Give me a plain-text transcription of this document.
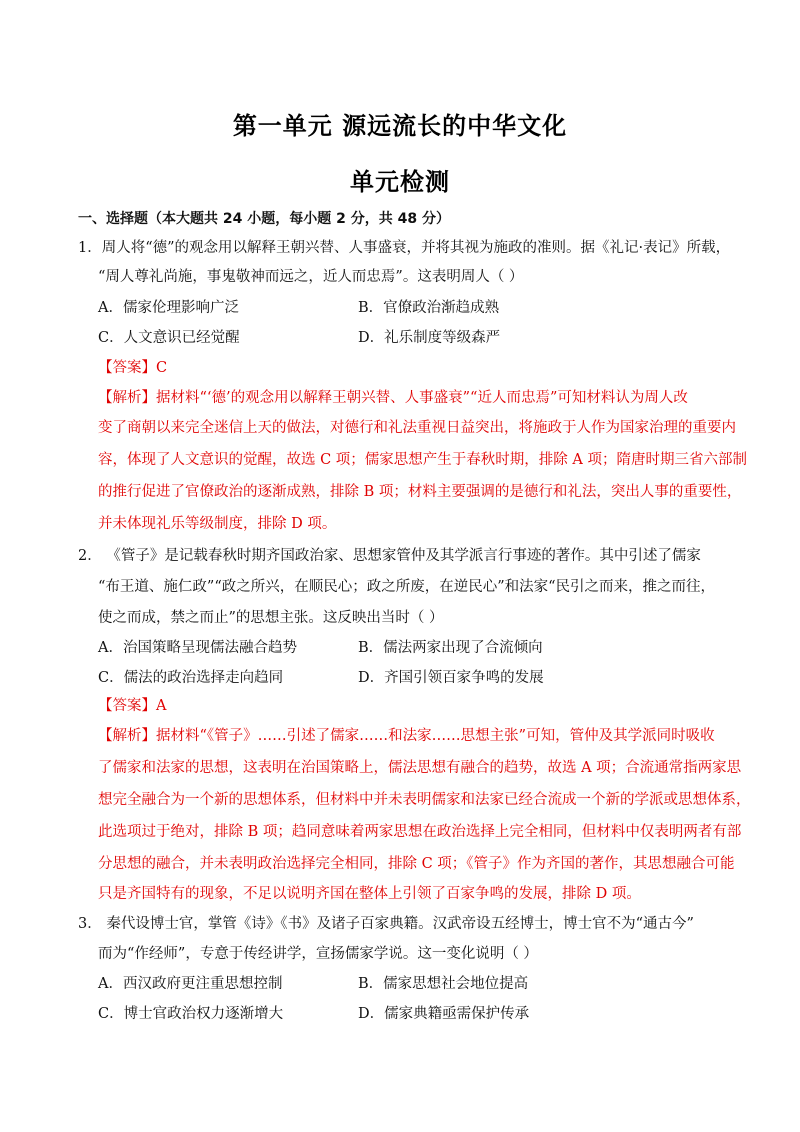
第一单元 源远流长的中华文化
单元检测
一、选择题（本大题共 24 小题，每小题 2 分，共 48 分）
1．周人将“德”的观念用以解释王朝兴替、人事盛衰，并将其视为施政的准则。据《礼记·表记》所载，
“周人尊礼尚施，事鬼敬神而远之，近人而忠焉”。这表明周人（ ）
A．儒家伦理影响广泛	B．官僚政治渐趋成熟
C．人文意识已经觉醒	D．礼乐制度等级森严
【答案】C
【解析】据材料“‘德’的观念用以解释王朝兴替、人事盛衰”“近人而忠焉”可知材料认为周人改
变了商朝以来完全迷信上天的做法，对德行和礼法重视日益突出，将施政于人作为国家治理的重要内
容，体现了人文意识的觉醒，故选 C 项；儒家思想产生于春秋时期，排除 A 项；隋唐时期三省六部制
的推行促进了官僚政治的逐渐成熟，排除 B 项；材料主要强调的是德行和礼法，突出人事的重要性，
并未体现礼乐等级制度，排除 D 项。
2． 《管子》是记载春秋时期齐国政治家、思想家管仲及其学派言行事迹的著作。其中引述了儒家
“布王道、施仁政”“政之所兴，在顺民心；政之所废，在逆民心”和法家“民引之而来，推之而往，
使之而成，禁之而止”的思想主张。这反映出当时（ ）
A．治国策略呈现儒法融合趋势	B．儒法两家出现了合流倾向
C．儒法的政治选择走向趋同	D．齐国引领百家争鸣的发展
【答案】A
【解析】据材料“《管子》……引述了儒家……和法家……思想主张”可知，管仲及其学派同时吸收
了儒家和法家的思想，这表明在治国策略上，儒法思想有融合的趋势，故选 A 项；合流通常指两家思
想完全融合为一个新的思想体系，但材料中并未表明儒家和法家已经合流成一个新的学派或思想体系，
此选项过于绝对，排除 B 项；趋同意味着两家思想在政治选择上完全相同，但材料中仅表明两者有部
分思想的融合，并未表明政治选择完全相同，排除 C 项；《管子》作为齐国的著作，其思想融合可能
只是齐国特有的现象，不足以说明齐国在整体上引领了百家争鸣的发展，排除 D 项。
3． 秦代设博士官，掌管《诗》《书》及诸子百家典籍。汉武帝设五经博士，博士官不为“通古今”
而为“作经师”，专意于传经讲学，宣扬儒家学说。这一变化说明（ ）
A．西汉政府更注重思想控制	B．儒家思想社会地位提高
C．博士官政治权力逐渐增大	D．儒家典籍亟需保护传承
